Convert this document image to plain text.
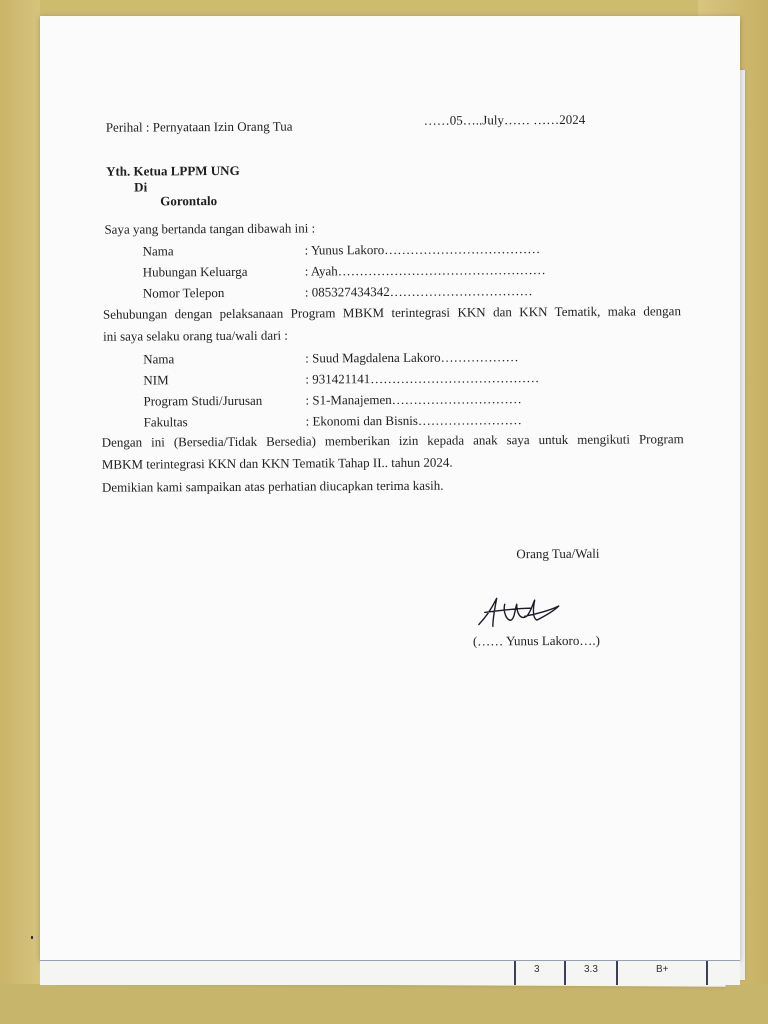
Perihal : Pernyataan Izin Orang Tua	……05…..July…… ……2024
Yth. Ketua LPPM UNG
Di
Gorontalo
Saya yang bertanda tangan dibawah ini :
Nama	: Yunus Lakoro………………………………
Hubungan Keluarga	: Ayah…………………………………………
Nomor Telepon	: 085327434342……………………………
Sehubungan dengan pelaksanaan Program MBKM terintegrasi KKN dan KKN Tematik, maka dengan
ini saya selaku orang tua/wali dari :
Nama	: Suud Magdalena Lakoro………………
NIM	: 931421141…………………………………
Program Studi/Jurusan	: S1-Manajemen…………………………
Fakultas	: Ekonomi dan Bisnis……………………
Dengan ini (Bersedia/Tidak Bersedia) memberikan izin kepada anak saya untuk mengikuti Program
MBKM terintegrasi KKN dan KKN Tematik Tahap II.. tahun 2024.
Demikian kami sampaikan atas perhatian diucapkan terima kasih.
Orang Tua/Wali
(…… Yunus Lakoro….)
3	3.3	B+
